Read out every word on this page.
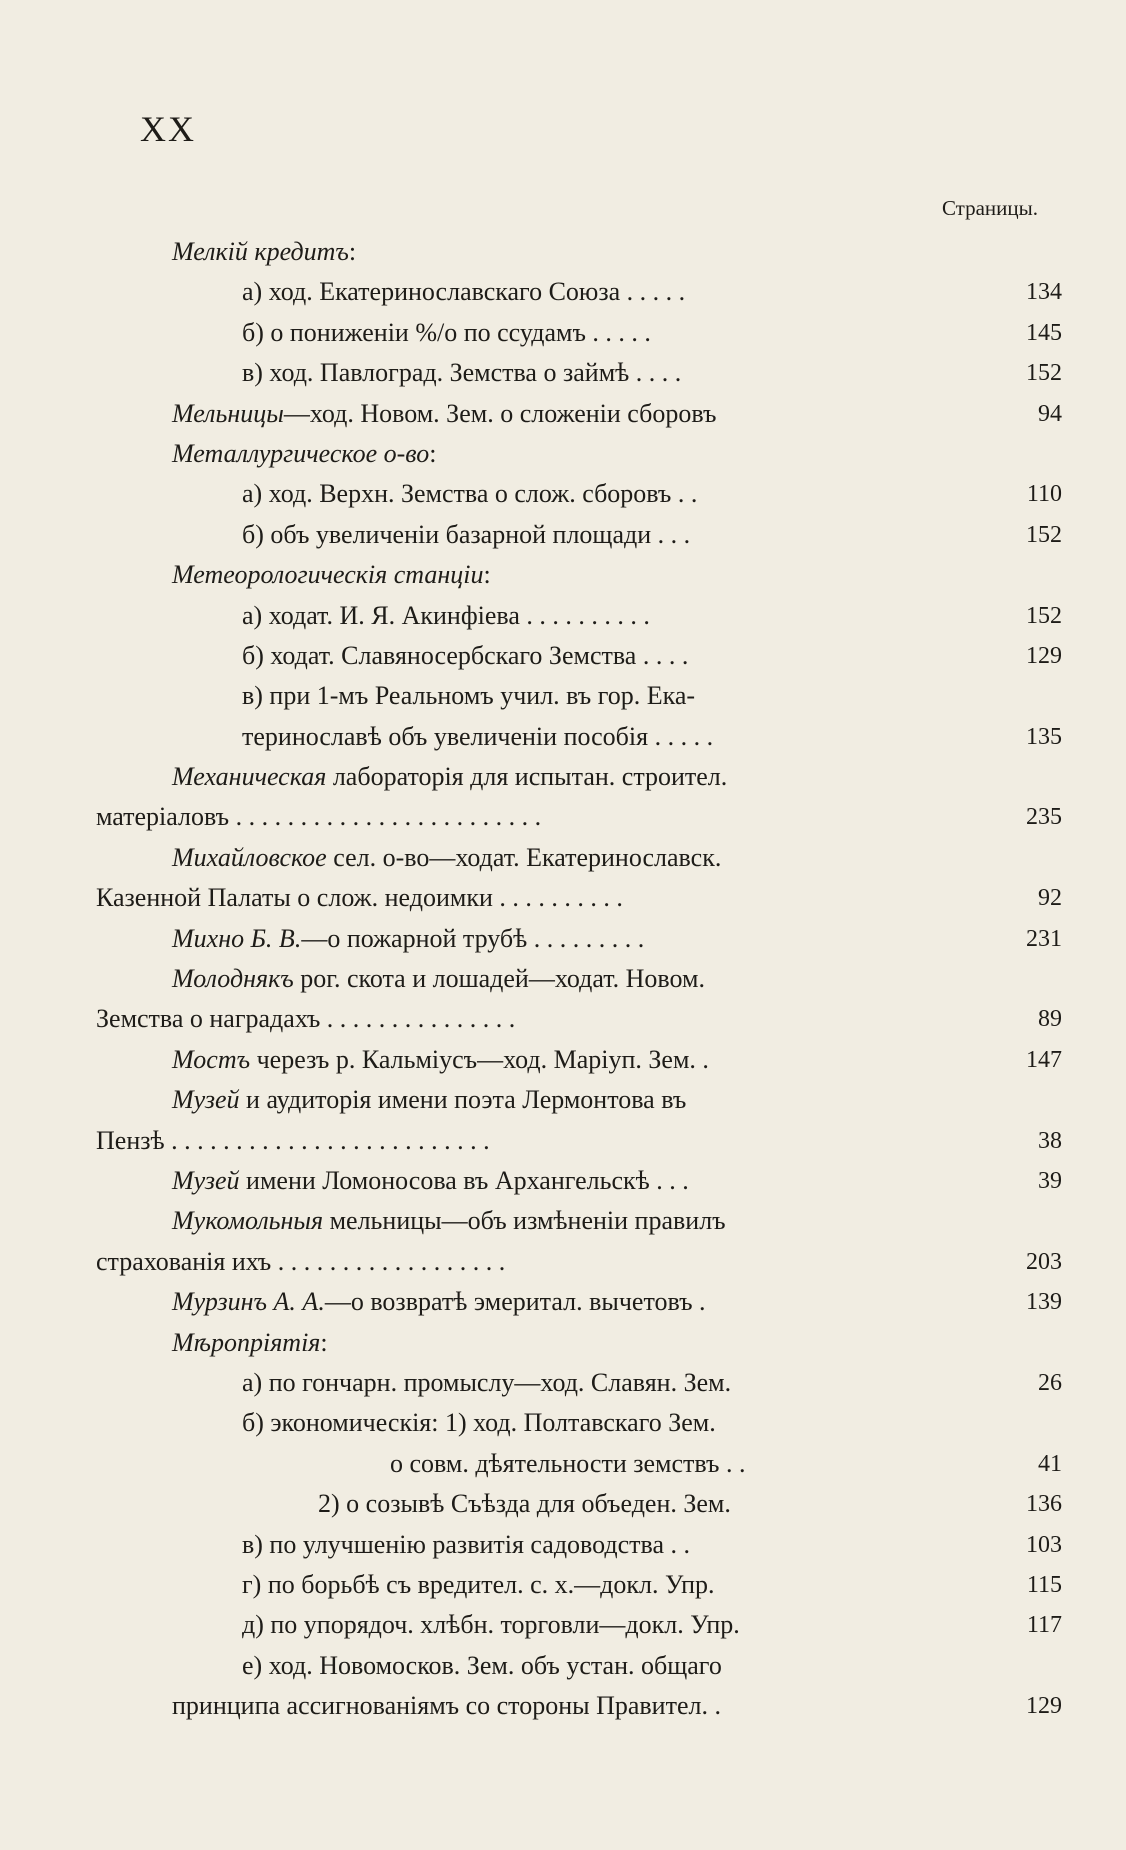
XX
Страницы.
Мелкій кредитъ:
а) ход. Екатеринославскаго Союза . . . . .	134
б) о пониженіи %/о по ссудамъ . . . . .	145
в) ход. Павлоград. Земства о займѣ . . . .	152
Мельницы—ход. Новом. Зем. о сложеніи сборовъ	94
Металлургическое о-во:
а) ход. Верхн. Земства о слож. сборовъ . .	110
б) объ увеличеніи базарной площади . . .	152
Метеорологическія станціи:
а) ходат. И. Я. Акинфіева . . . . . . . . . .	152
б) ходат. Славяносербскаго Земства . . . .	129
в) при 1-мъ Реальномъ учил. въ гор. Ека-
теринославѣ объ увеличеніи пособія . . . . .	135
Механическая лабораторія для испытан. строител.
матеріаловъ . . . . . . . . . . . . . . . . . . . . . . . .	235
Михайловское сел. о-во—ходат. Екатеринославск.
Казенной Палаты о слож. недоимки . . . . . . . . . .	92
Михно Б. В.—о пожарной трубѣ . . . . . . . . .	231
Молоднякъ рог. скота и лошадей—ходат. Новом.
Земства о наградахъ . . . . . . . . . . . . . . .	89
Мостъ черезъ р. Кальміусъ—ход. Маріуп. Зем. .	147
Музей и аудиторія имени поэта Лермонтова въ
Пензѣ . . . . . . . . . . . . . . . . . . . . . . . . .	38
Музей имени Ломоносова въ Архангельскѣ . . .	39
Мукомольныя мельницы—объ измѣненіи правилъ
страхованія ихъ . . . . . . . . . . . . . . . . . .	203
Мурзинъ А. А.—о возвратѣ эмеритал. вычетовъ .	139
Мѣропріятія:
а) по гончарн. промыслу—ход. Славян. Зем.	26
б) экономическія: 1) ход. Полтавскаго Зем.
о совм. дѣятельности земствъ . .	41
2) о созывѣ Съѣзда для объеден. Зем.	136
в) по улучшенію развитія садоводства . .	103
г) по борьбѣ съ вредител. с. х.—докл. Упр.	115
д) по упорядоч. хлѣбн. торговли—докл. Упр.	117
е) ход. Новомосков. Зем. объ устан. общаго
принципа ассигнованіямъ со стороны Правител. .	129
